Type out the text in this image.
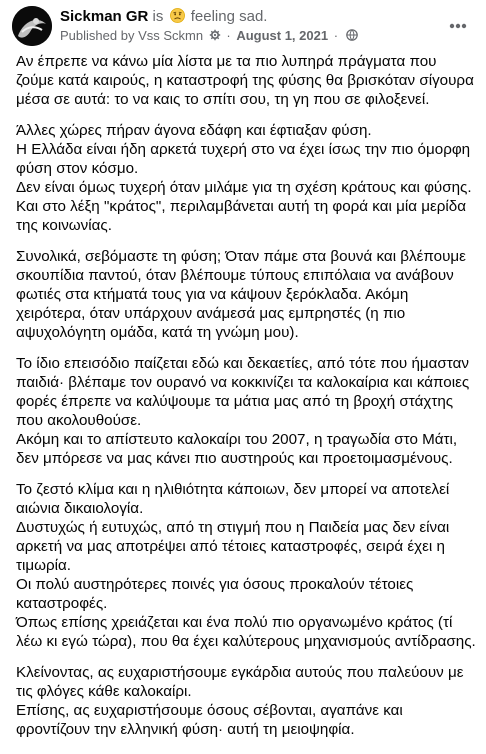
Sickman GR is feeling sad.
Published by Vss Sckmn · August 1, 2021 ·

Αν έπρεπε να κάνω μία λίστα με τα πιο λυπηρά πράγματα που ζούμε κατά καιρούς, η καταστροφή της φύσης θα βρισκόταν σίγουρα μέσα σε αυτά: το να καις το σπίτι σου, τη γη που σε φιλοξενεί.

Άλλες χώρες πήραν άγονα εδάφη και έφτιαξαν φύση.
Η Ελλάδα είναι ήδη αρκετά τυχερή στο να έχει ίσως την πιο όμορφη φύση στον κόσμο.
Δεν είναι όμως τυχερή όταν μιλάμε για τη σχέση κράτους και φύσης. Και στο λέξη "κράτος", περιλαμβάνεται αυτή τη φορά και μία μερίδα της κοινωνίας.

Συνολικά, σεβόμαστε τη φύση; Όταν πάμε στα βουνά και βλέπουμε σκουπίδια παντού, όταν βλέπουμε τύπους επιπόλαια να ανάβουν φωτιές στα κτήματά τους για να κάψουν ξερόκλαδα. Ακόμη χειρότερα, όταν υπάρχουν ανάμεσά μας εμπρηστές (η πιο αψυχολόγητη ομάδα, κατά τη γνώμη μου).

Το ίδιο επεισόδιο παίζεται εδώ και δεκαετίες, από τότε που ήμασταν παιδιά· βλέπαμε τον ουρανό να κοκκινίζει τα καλοκαίρια και κάποιες φορές έπρεπε να καλύψουμε τα μάτια μας από τη βροχή στάχτης που ακολουθούσε.
Ακόμη και το απίστευτο καλοκαίρι του 2007, η τραγωδία στο Μάτι, δεν μπόρεσε να μας κάνει πιο αυστηρούς και προετοιμασμένους.

Το ζεστό κλίμα και η ηλιθιότητα κάποιων, δεν μπορεί να αποτελεί αιώνια δικαιολογία.
Δυστυχώς ή ευτυχώς, από τη στιγμή που η Παιδεία μας δεν είναι αρκετή να μας αποτρέψει από τέτοιες καταστροφές, σειρά έχει η τιμωρία.
Οι πολύ αυστηρότερες ποινές για όσους προκαλούν τέτοιες καταστροφές.
Όπως επίσης χρειάζεται και ένα πολύ πιο οργανωμένο κράτος (τί λέω κι εγώ τώρα), που θα έχει καλύτερους μηχανισμούς αντίδρασης.

Κλείνοντας, ας ευχαριστήσουμε εγκάρδια αυτούς που παλεύουν με τις φλόγες κάθε καλοκαίρι.
Επίσης, ας ευχαριστήσουμε όσους σέβονται, αγαπάνε και φροντίζουν την ελληνική φύση· αυτή τη μειοψηφία.
